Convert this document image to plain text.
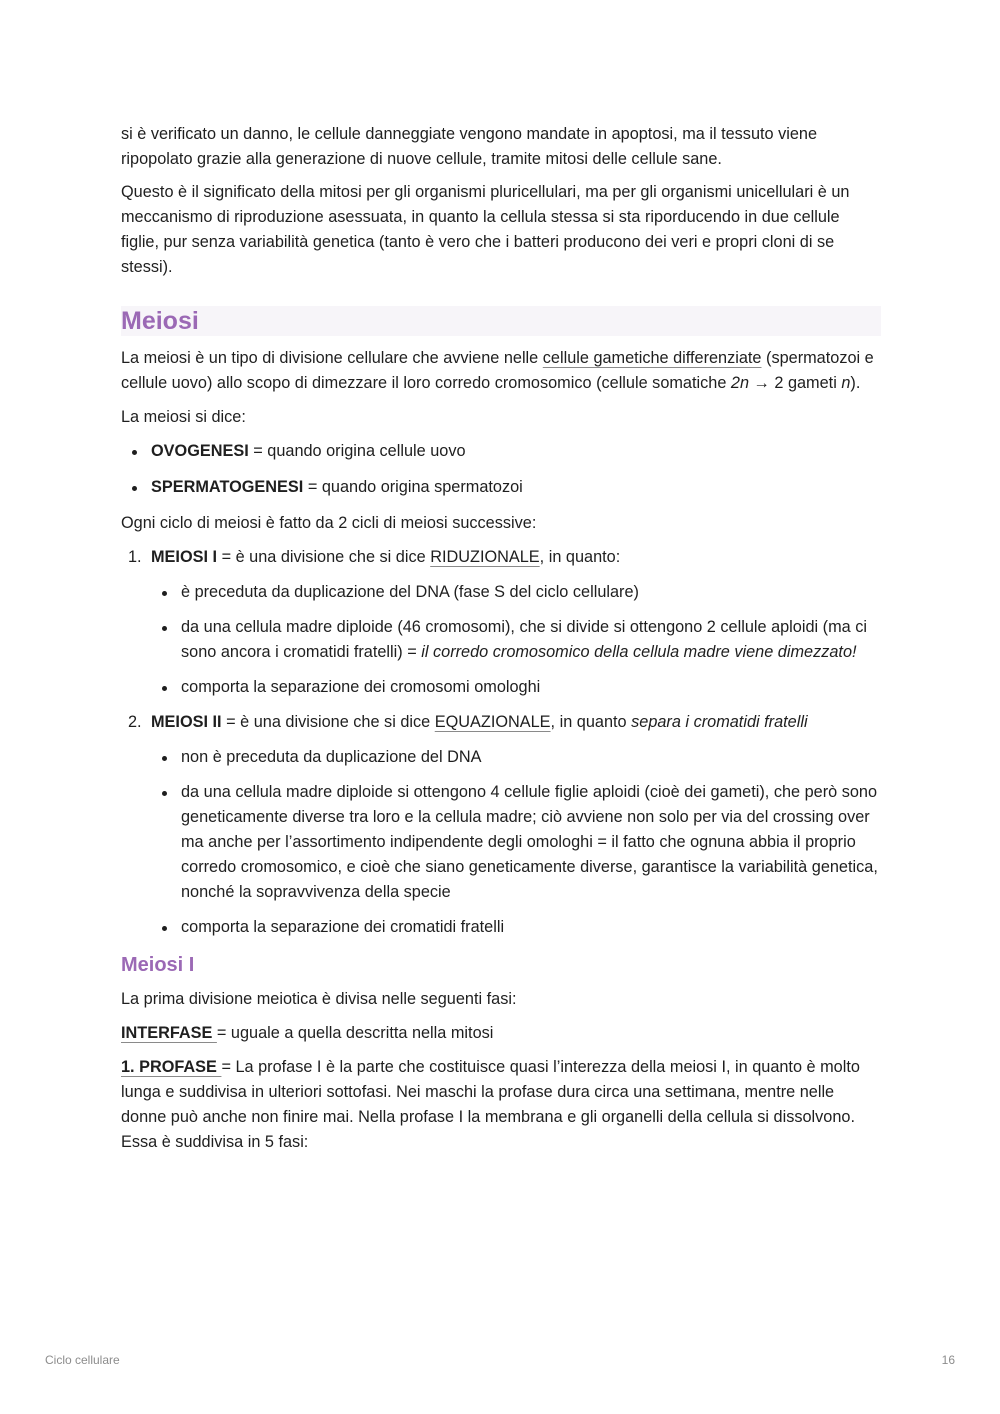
si è verificato un danno, le cellule danneggiate vengono mandate in apoptosi, ma il tessuto viene ripopolato grazie alla generazione di nuove cellule, tramite mitosi delle cellule sane.

Questo è il significato della mitosi per gli organismi pluricellulari, ma per gli organismi unicellulari è un meccanismo di riproduzione asessuata, in quanto la cellula stessa si sta riporducendo in due cellule figlie, pur senza variabilità genetica (tanto è vero che i batteri producono dei veri e propri cloni di se stessi).

Meiosi

La meiosi è un tipo di divisione cellulare che avviene nelle cellule gametiche differenziate (spermatozoi e cellule uovo) allo scopo di dimezzare il loro corredo cromosomico (cellule somatiche 2n → 2 gameti n).

La meiosi si dice:

OVOGENESI = quando origina cellule uovo
SPERMATOGENESI = quando origina spermatozoi

Ogni ciclo di meiosi è fatto da 2 cicli di meiosi successive:

1. MEIOSI I = è una divisione che si dice RIDUZIONALE, in quanto:
è preceduta da duplicazione del DNA (fase S del ciclo cellulare)
da una cellula madre diploide (46 cromosomi), che si divide si ottengono 2 cellule aploidi (ma ci sono ancora i cromatidi fratelli) = il corredo cromosomico della cellula madre viene dimezzato!
comporta la separazione dei cromosomi omologhi
2. MEIOSI II = è una divisione che si dice EQUAZIONALE, in quanto separa i cromatidi fratelli
non è preceduta da duplicazione del DNA
da una cellula madre diploide si ottengono 4 cellule figlie aploidi (cioè dei gameti), che però sono geneticamente diverse tra loro e la cellula madre; ciò avviene non solo per via del crossing over ma anche per l’assortimento indipendente degli omologhi = il fatto che ognuna abbia il proprio corredo cromosomico, e cioè che siano geneticamente diverse, garantisce la variabilità genetica, nonché la sopravvivenza della specie
comporta la separazione dei cromatidi fratelli
Meiosi I

La prima divisione meiotica è divisa nelle seguenti fasi:

INTERFASE = uguale a quella descritta nella mitosi

1. PROFASE = La profase I è la parte che costituisce quasi l’interezza della meiosi I, in quanto è molto lunga e suddivisa in ulteriori sottofasi. Nei maschi la profase dura circa una settimana, mentre nelle donne può anche non finire mai. Nella profase I la membrana e gli organelli della cellula si dissolvono. Essa è suddivisa in 5 fasi:

Ciclo cellulare	16
